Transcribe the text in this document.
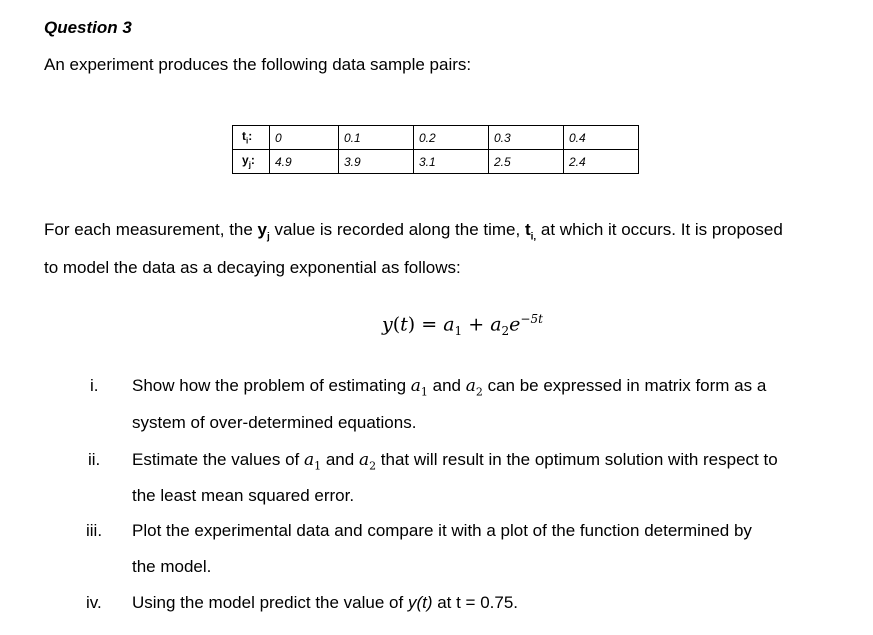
Question 3
An experiment produces the following data sample pairs:
$t_i$:	0	0.1	0.2	0.3	0.4
$y_j$:	4.9	3.9	3.1	2.5	2.4
For each measurement, the $y_j$ value is recorded along the time, $t_{i,}$ at which it occurs. It is proposed
to model the data as a decaying exponential as follows:
$y(t) = a_1 + a_2e^{-5t}$
i. Show how the problem of estimating $a_1$ and $a_2$ can be expressed in matrix form as a
system of over-determined equations.
ii. Estimate the values of $a_1$ and $a_2$ that will result in the optimum solution with respect to
the least mean squared error.
iii. Plot the experimental data and compare it with a plot of the function determined by
the model.
iv. Using the model predict the value of y(t) at t = 0.75.
